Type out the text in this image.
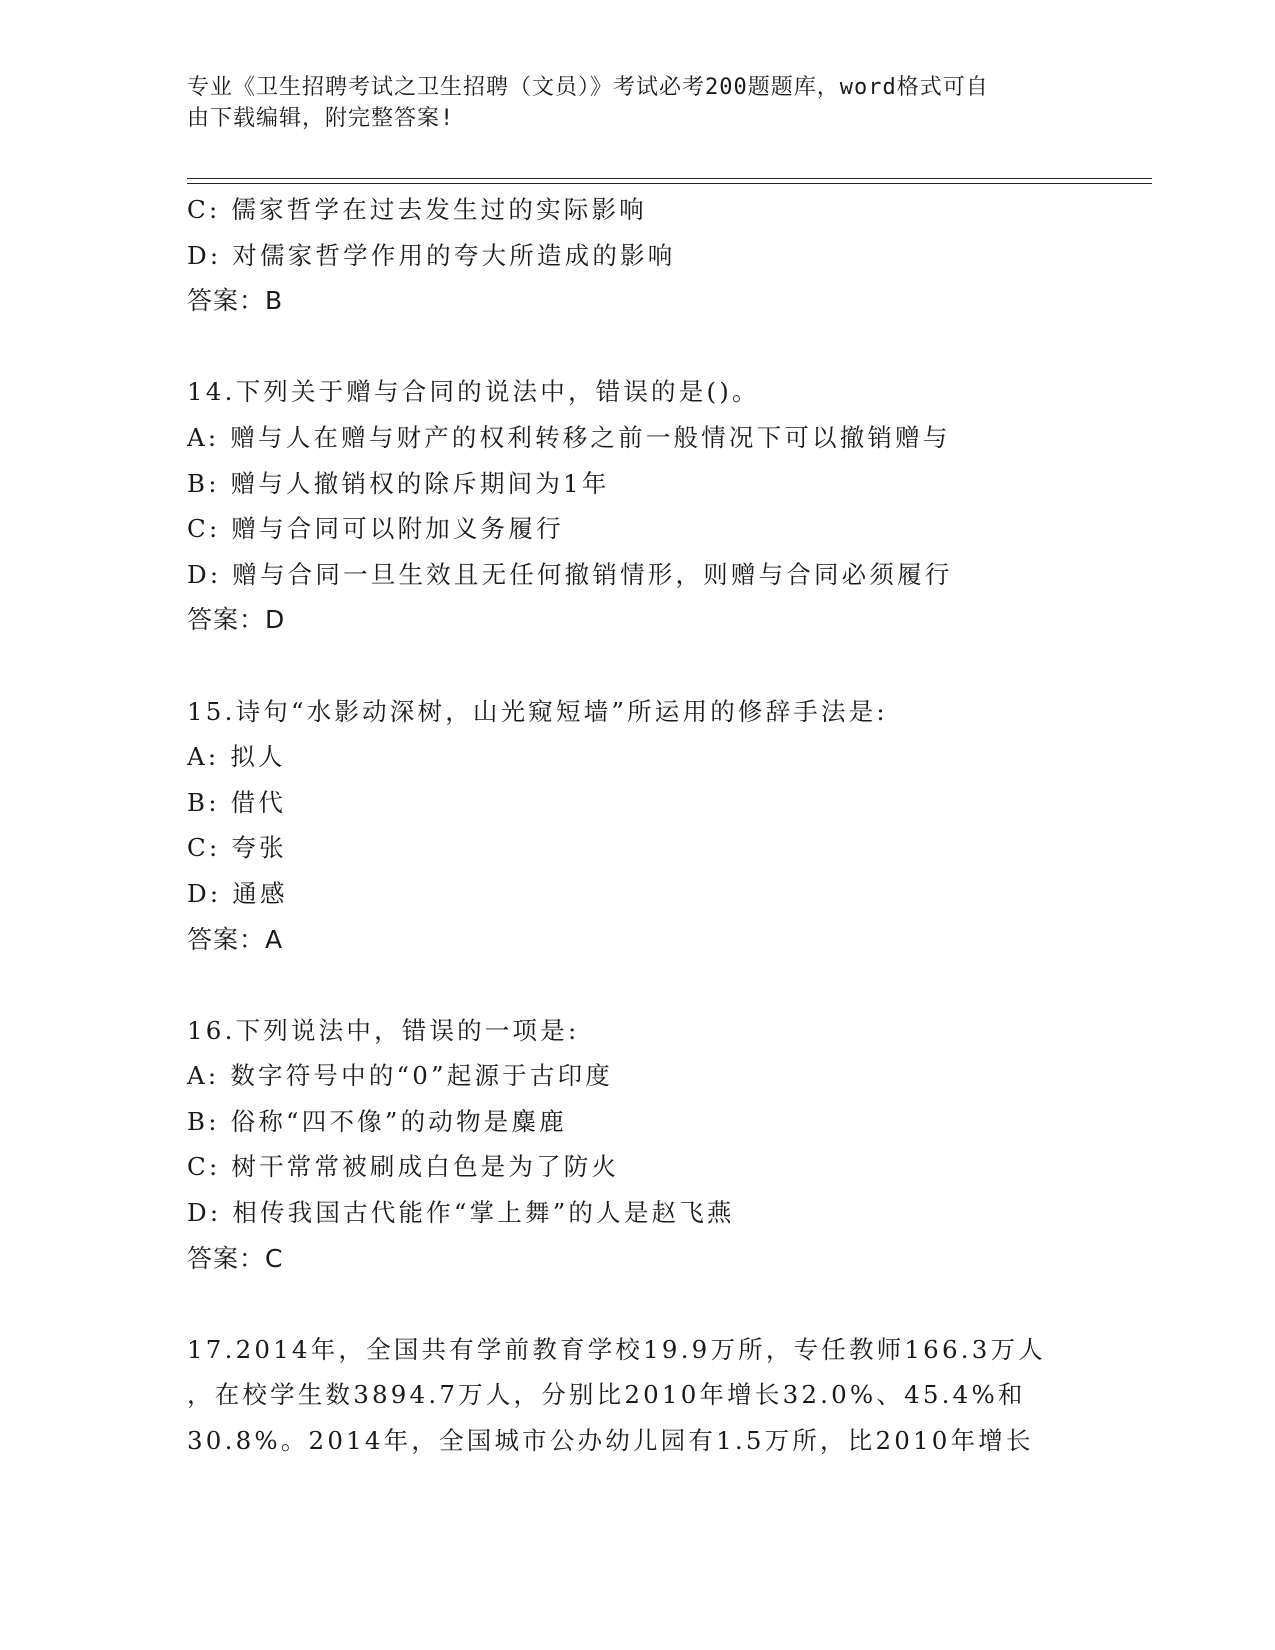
专业《卫生招聘考试之卫生招聘（文员）》考试必考200题题库，word格式可自
由下载编辑，附完整答案!
C: 儒家哲学在过去发生过的实际影响
D: 对儒家哲学作用的夸大所造成的影响
答案：B
14.下列关于赠与合同的说法中，错误的是()。
A: 赠与人在赠与财产的权利转移之前一般情况下可以撤销赠与
B: 赠与人撤销权的除斥期间为1年
C: 赠与合同可以附加义务履行
D: 赠与合同一旦生效且无任何撤销情形，则赠与合同必须履行
答案：D
15.诗句“水影动深树，山光窥短墙”所运用的修辞手法是:
A: 拟人
B: 借代
C: 夸张
D: 通感
答案：A
16.下列说法中，错误的一项是:
A: 数字符号中的“0”起源于古印度
B: 俗称“四不像”的动物是麋鹿
C: 树干常常被刷成白色是为了防火
D: 相传我国古代能作“掌上舞”的人是赵飞燕
答案：C
17.2014年，全国共有学前教育学校19.9万所，专任教师166.3万人
，在校学生数3894.7万人，分别比2010年增长32.0%、45.4%和
30.8%。2014年，全国城市公办幼儿园有1.5万所，比2010年增长
